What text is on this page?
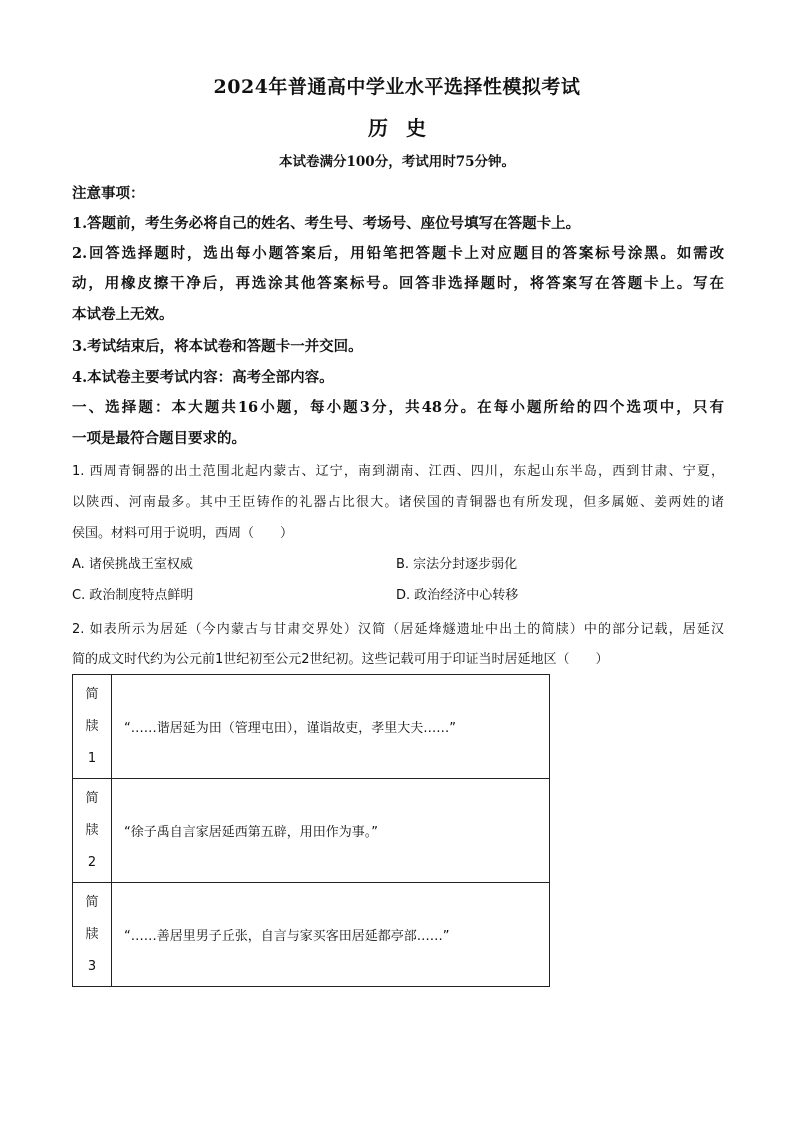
2024年普通高中学业水平选择性模拟考试
历史
本试卷满分100分，考试用时75分钟。
注意事项：
1.答题前，考生务必将自己的姓名、考生号、考场号、座位号填写在答题卡上。
2.回答选择题时，选出每小题答案后，用铅笔把答题卡上对应题目的答案标号涂黑。如需改
动，用橡皮擦干净后，再选涂其他答案标号。回答非选择题时，将答案写在答题卡上。写在
本试卷上无效。
3.考试结束后，将本试卷和答题卡一并交回。
4.本试卷主要考试内容：高考全部内容。
一、选择题：本大题共16小题，每小题3分，共48分。在每小题所给的四个选项中，只有
一项是最符合题目要求的。
1. 西周青铜器的出土范围北起内蒙古、辽宁，南到湖南、江西、四川，东起山东半岛，西到甘肃、宁夏，
以陕西、河南最多。其中王臣铸作的礼器占比很大。诸侯国的青铜器也有所发现，但多属姬、姜两姓的诸
侯国。材料可用于说明，西周（　　）
A. 诸侯挑战王室权威	B. 宗法分封逐步弱化
C. 政治制度特点鲜明	D. 政治经济中心转移
2. 如表所示为居延（今内蒙古与甘肃交界处）汉简（居延烽燧遗址中出土的简牍）中的部分记载，居延汉
简的成文时代约为公元前1世纪初至公元2世纪初。这些记载可用于印证当时居延地区（　　）
简
牍
1	“……谐居延为田（管理屯田），谨诣故吏，孝里大夫……”

简
牍
2	“徐子禹自言家居延西第五辟，用田作为事。”

简
牍
3	“……善居里男子丘张，自言与家买客田居延都亭部……”
